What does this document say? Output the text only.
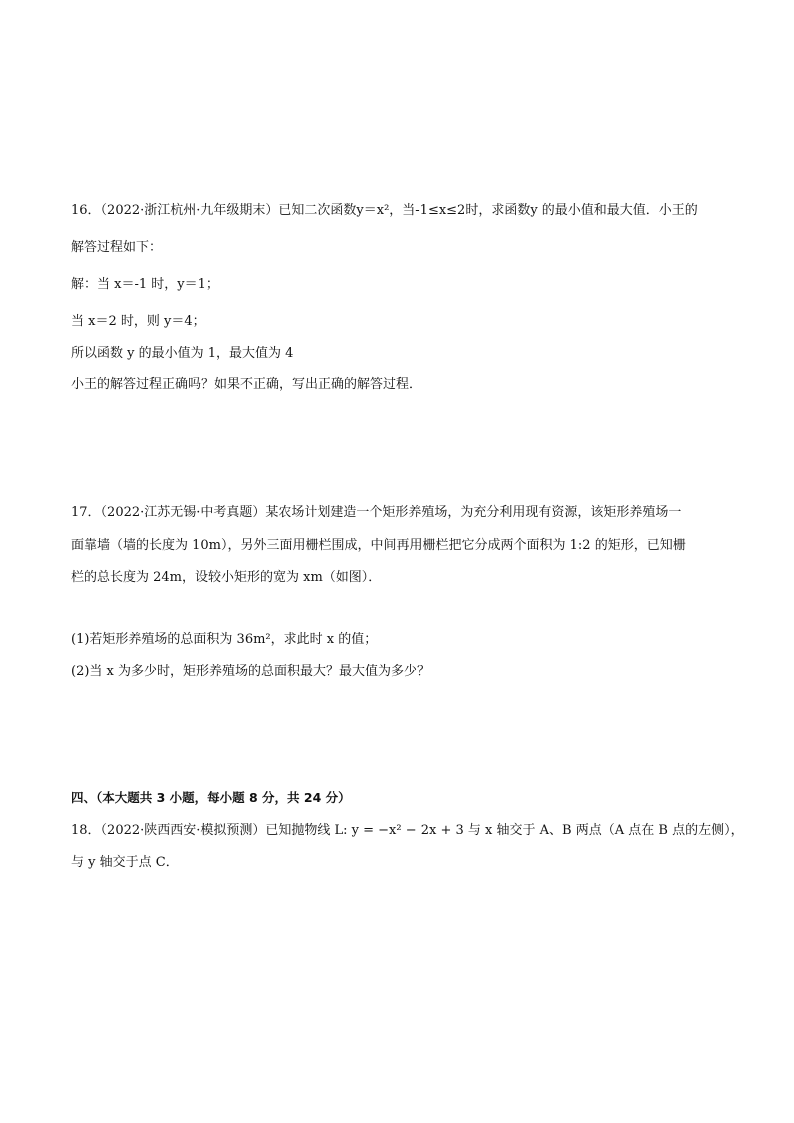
16．（2022·浙江杭州·九年级期末）已知二次函数y＝x²，当-1≤x≤2时，求函数y 的最小值和最大值．小王的
解答过程如下：
解：当 x＝-1 时，y＝1；
当 x＝2 时，则 y＝4；
所以函数 y 的最小值为 1，最大值为 4
小王的解答过程正确吗？如果不正确，写出正确的解答过程．
17．（2022·江苏无锡·中考真题）某农场计划建造一个矩形养殖场，为充分利用现有资源，该矩形养殖场一
面靠墙（墙的长度为 10m），另外三面用栅栏围成，中间再用栅栏把它分成两个面积为 1:2 的矩形，已知栅
栏的总长度为 24m，设较小矩形的宽为 xm（如图）．
(1)若矩形养殖场的总面积为 36m²，求此时 x 的值；
(2)当 x 为多少时，矩形养殖场的总面积最大？最大值为多少？
四、（本大题共 3 小题，每小题 8 分，共 24 分）
18．（2022·陕西西安·模拟预测）已知抛物线 L: y = −x² − 2x + 3 与 x 轴交于 A、B 两点（A 点在 B 点的左侧），
与 y 轴交于点 C．
